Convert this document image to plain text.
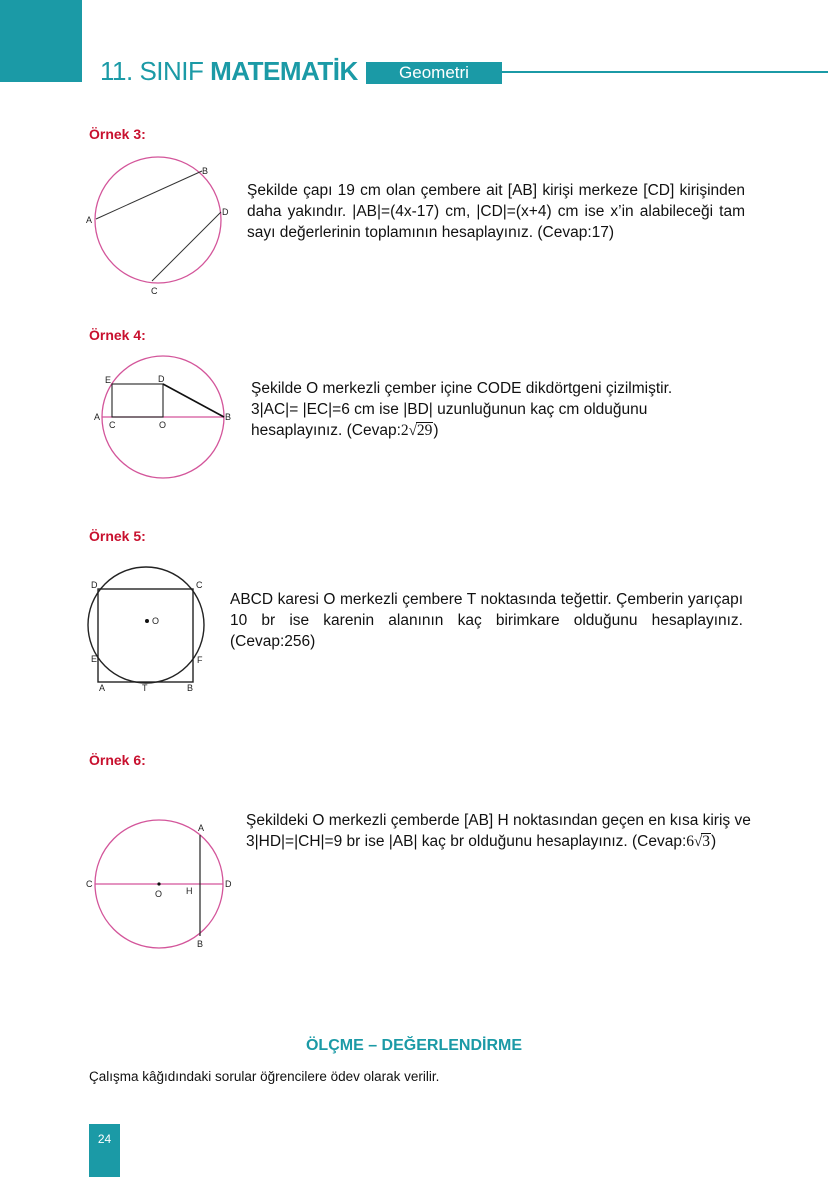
11. SINIF MATEMATİK	Geometri
Örnek 3:
A
B
C
D
Şekilde çapı 19 cm olan çembere ait [AB] kirişi merkeze [CD] kirişinden daha yakındır. |AB|=(4x-17) cm, |CD|=(x+4) cm ise x’in alabileceği tam sayı değerlerinin toplamının hesaplayınız. (Cevap:17)
Örnek 4:
E	D
A
C	O
B
Şekilde O merkezli çember içine CODE dikdörtgeni çizilmiştir.
3|AC|= |EC|=6 cm ise |BD| uzunluğunun kaç cm olduğunu
hesaplayınız. (Cevap:2√29)
Örnek 5:
D	C
O
E	F
A	T	B
ABCD karesi O merkezli çembere T noktasında teğettir. Çemberin yarıçapı 10 br ise karenin alanının kaç birimkare olduğunu hesaplayınız. (Cevap:256)
Örnek 6:
A
C
O	H
D
B
Şekildeki O merkezli çemberde [AB] H noktasından geçen en kısa kiriş ve 3|HD|=|CH|=9 br ise |AB| kaç br olduğunu hesaplayınız. (Cevap:6√3)
ÖLÇME – DEĞERLENDİRME
Çalışma kâğıdındaki sorular öğrencilere ödev olarak verilir.
24
